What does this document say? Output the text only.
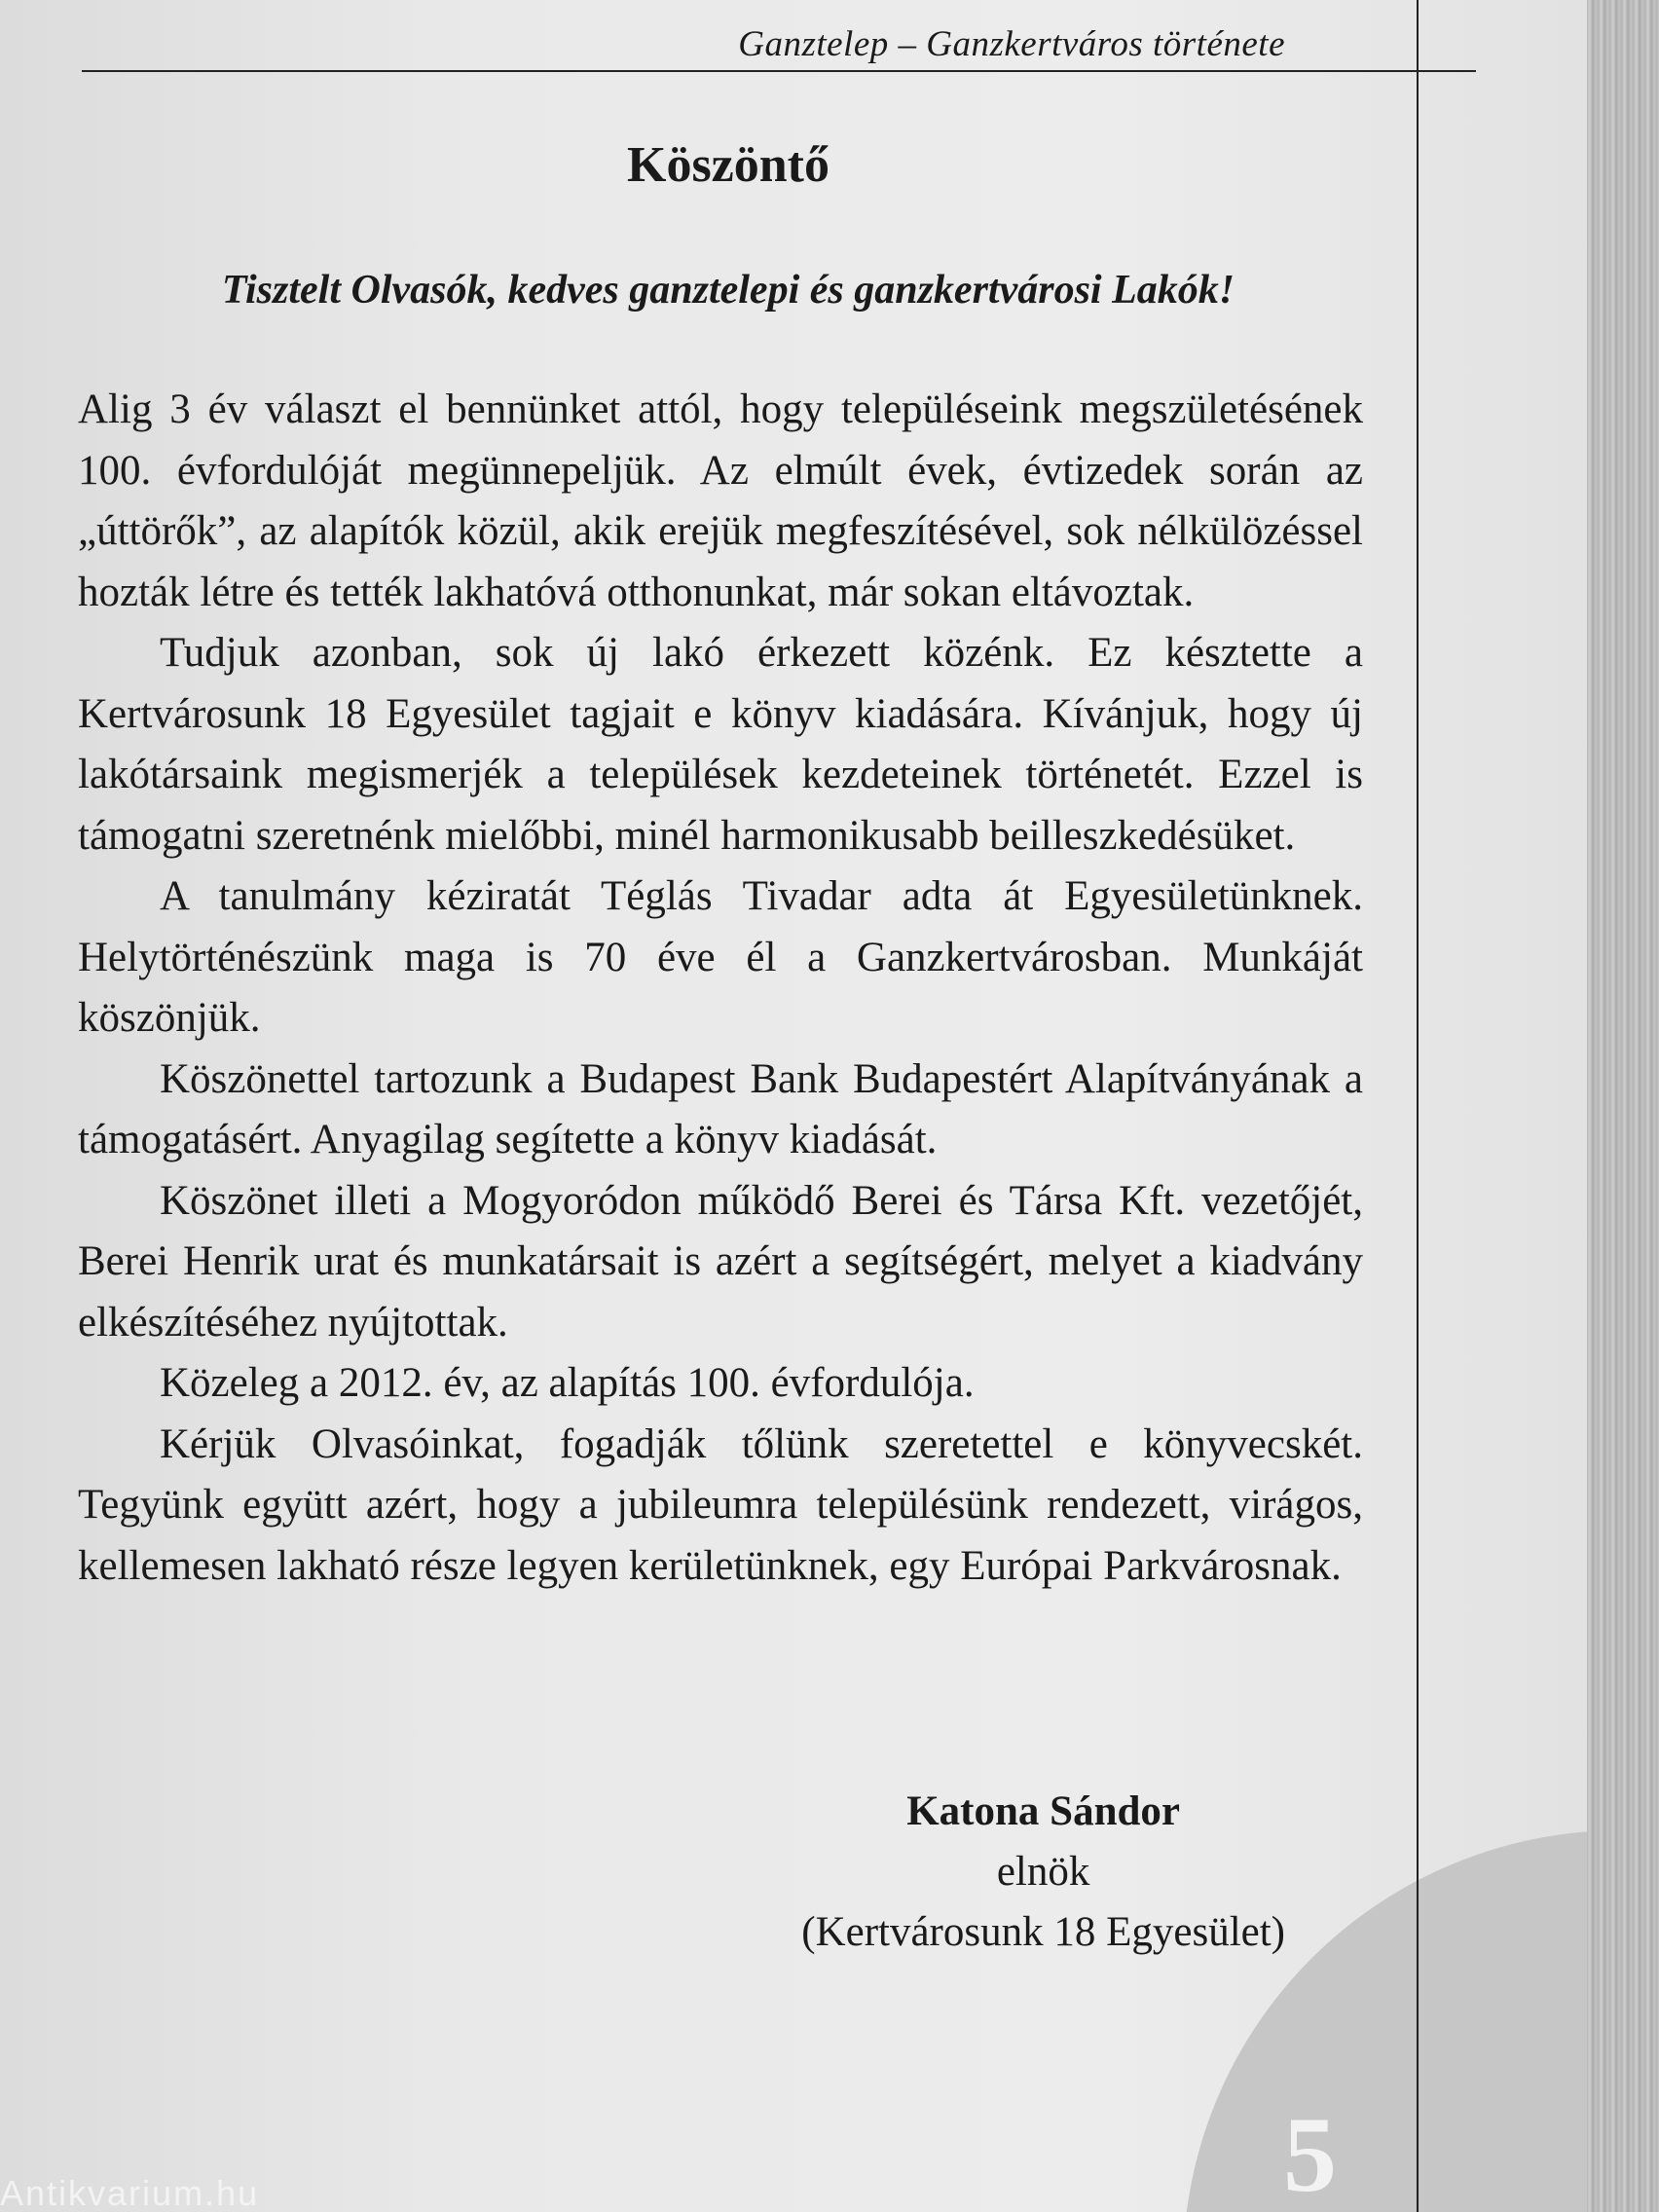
Ganztelep – Ganzkertváros története
Köszöntő
Tisztelt Olvasók, kedves ganztelepi és ganzkertvárosi Lakók!

Alig 3 év választ el bennünket attól, hogy településeink megszületésének 100. évfordulóját megünnepeljük. Az elmúlt évek, évtizedek során az „úttörők”, az alapítók közül, akik erejük megfeszítésével, sok nélkülözéssel hozták létre és tették lakhatóvá otthonunkat, már sokan eltávoztak.

Tudjuk azonban, sok új lakó érkezett közénk. Ez késztette a Kertvárosunk 18 Egyesület tagjait e könyv kiadására. Kívánjuk, hogy új lakótársaink megismerjék a települések kezdeteinek történetét. Ezzel is támogatni szeretnénk mielőbbi, minél harmonikusabb beilleszkedésüket.

A tanulmány kéziratát Téglás Tivadar adta át Egyesületünknek. Helytörténészünk maga is 70 éve él a Ganzkertvárosban. Munkáját köszönjük.

Köszönettel tartozunk a Budapest Bank Budapestért Alapítványának a támogatásért. Anyagilag segítette a könyv kiadását.

Köszönet illeti a Mogyoródon működő Berei és Társa Kft. vezetőjét, Berei Henrik urat és munkatársait is azért a segítségért, melyet a kiadvány elkészítéséhez nyújtottak.

Közeleg a 2012. év, az alapítás 100. évfordulója.

Kérjük Olvasóinkat, fogadják tőlünk szeretettel e könyvecskét. Tegyünk együtt azért, hogy a jubileumra településünk rendezett, virágos, kellemesen lakható része legyen kerületünknek, egy Európai Parkvárosnak.

Katona Sándor
elnök
(Kertvárosunk 18 Egyesület)
5
Antikvarium.hu
